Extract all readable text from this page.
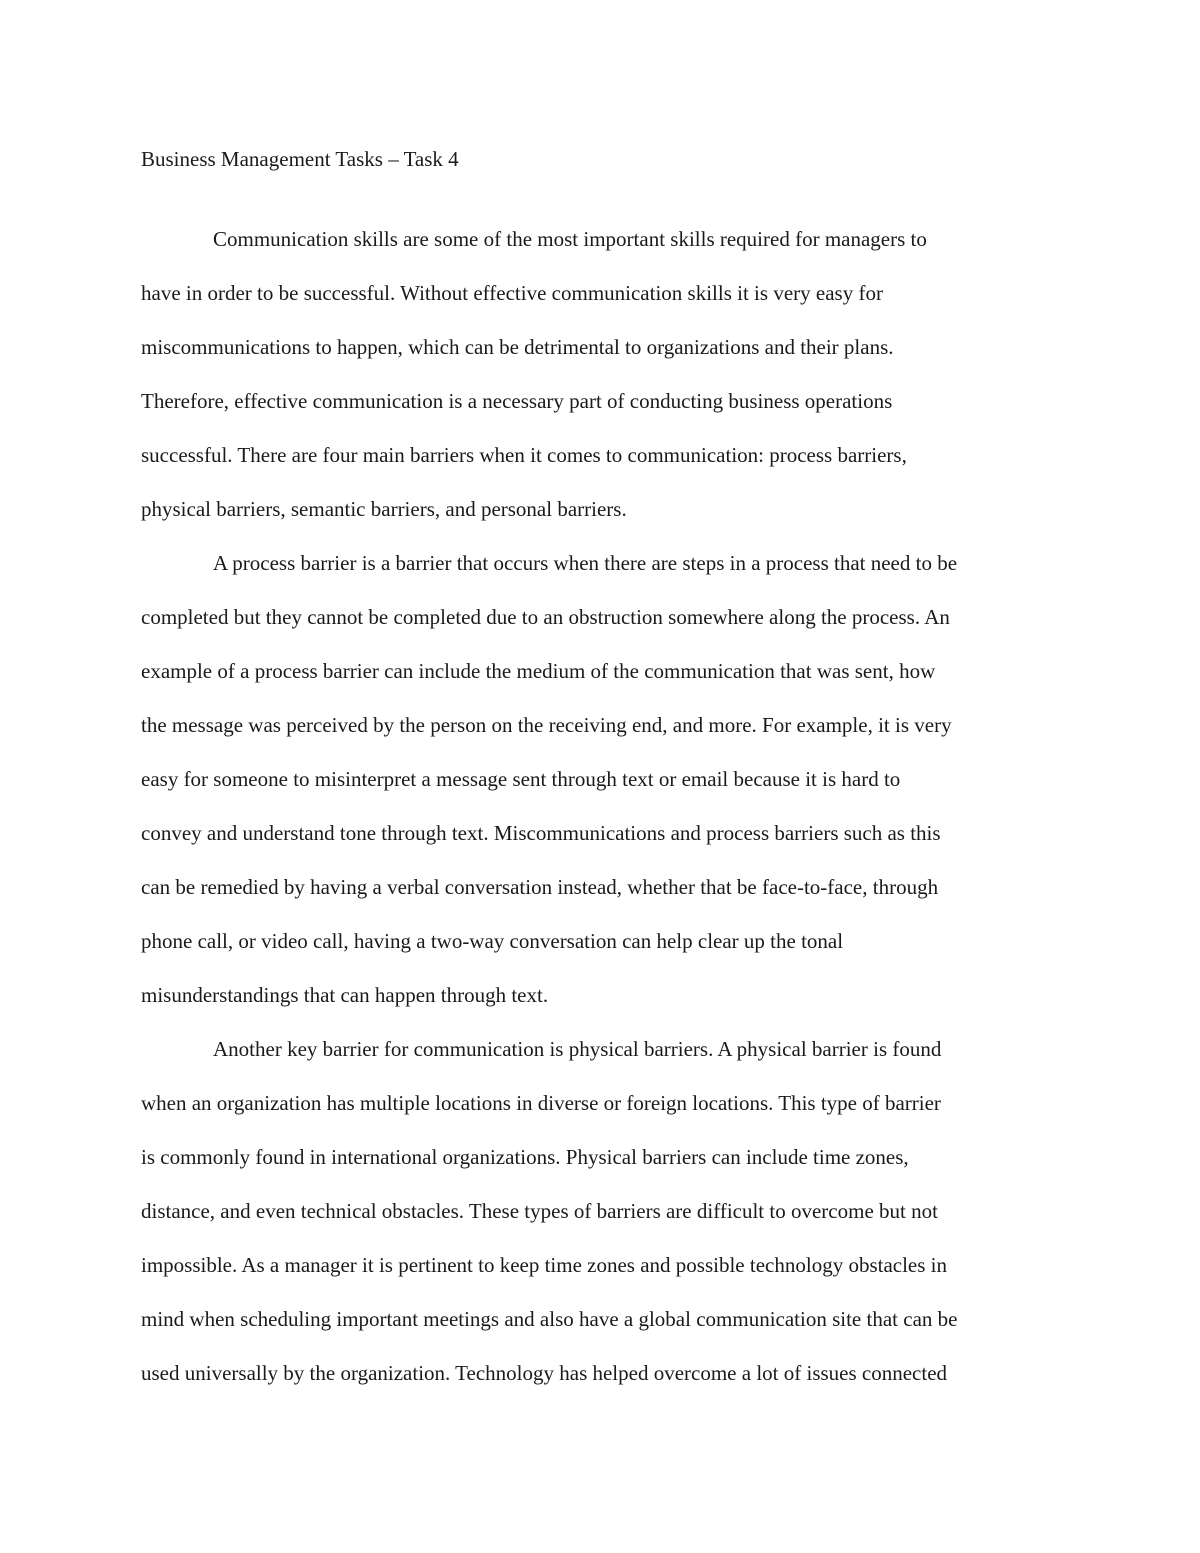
Business Management Tasks – Task 4
Communication skills are some of the most important skills required for managers to
have in order to be successful. Without effective communication skills it is very easy for
miscommunications to happen, which can be detrimental to organizations and their plans.
Therefore, effective communication is a necessary part of conducting business operations
successful. There are four main barriers when it comes to communication: process barriers,
physical barriers, semantic barriers, and personal barriers.
A process barrier is a barrier that occurs when there are steps in a process that need to be
completed but they cannot be completed due to an obstruction somewhere along the process. An
example of a process barrier can include the medium of the communication that was sent, how
the message was perceived by the person on the receiving end, and more. For example, it is very
easy for someone to misinterpret a message sent through text or email because it is hard to
convey and understand tone through text. Miscommunications and process barriers such as this
can be remedied by having a verbal conversation instead, whether that be face-to-face, through
phone call, or video call, having a two-way conversation can help clear up the tonal
misunderstandings that can happen through text.
Another key barrier for communication is physical barriers. A physical barrier is found
when an organization has multiple locations in diverse or foreign locations. This type of barrier
is commonly found in international organizations. Physical barriers can include time zones,
distance, and even technical obstacles. These types of barriers are difficult to overcome but not
impossible. As a manager it is pertinent to keep time zones and possible technology obstacles in
mind when scheduling important meetings and also have a global communication site that can be
used universally by the organization. Technology has helped overcome a lot of issues connected
